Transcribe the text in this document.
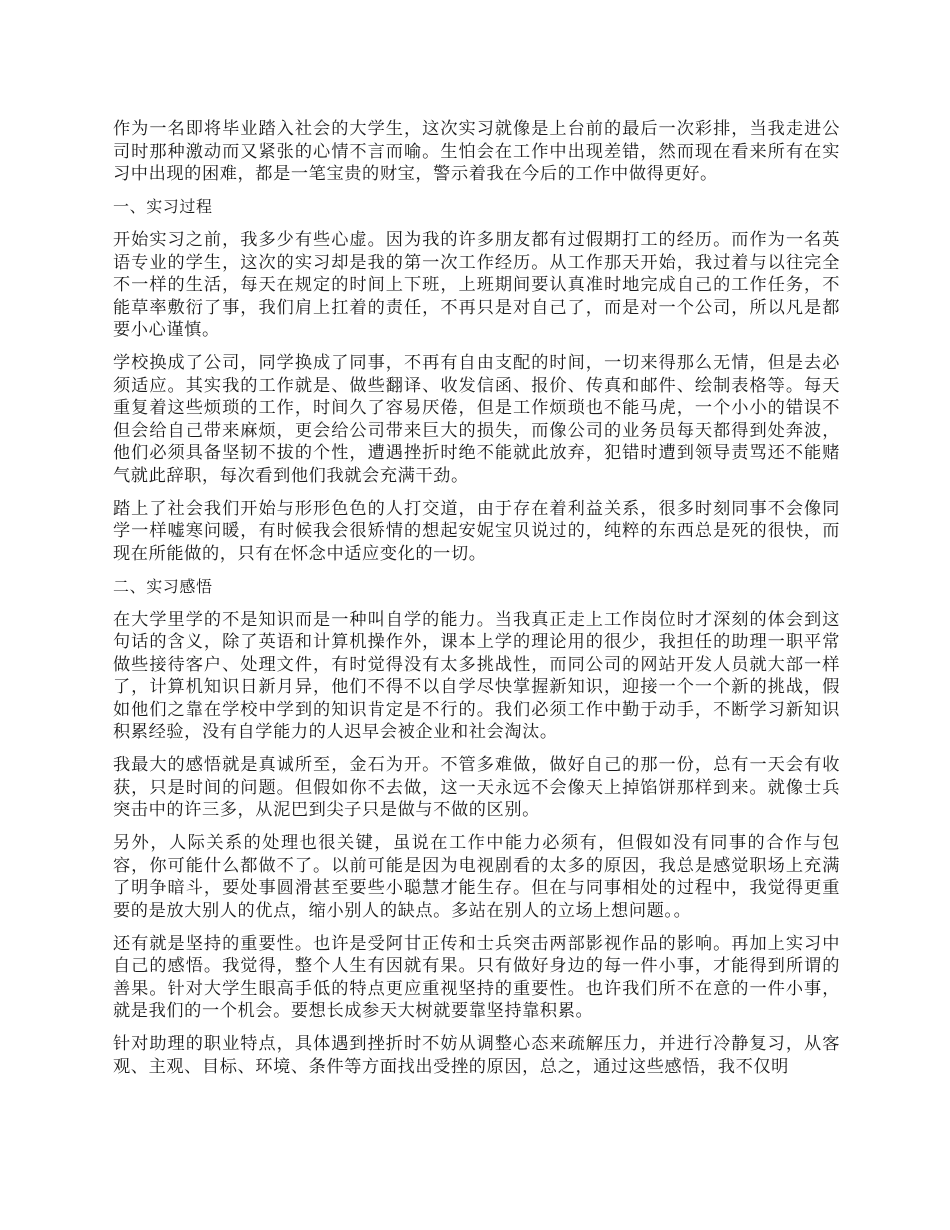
作为一名即将毕业踏入社会的大学生，这次实习就像是上台前的最后一次彩排，当我走进公司时那种激动而又紧张的心情不言而喻。生怕会在工作中出现差错，然而现在看来所有在实习中出现的困难，都是一笔宝贵的财宝，警示着我在今后的工作中做得更好。

一、实习过程

开始实习之前，我多少有些心虚。因为我的许多朋友都有过假期打工的经历。而作为一名英语专业的学生，这次的实习却是我的第一次工作经历。从工作那天开始，我过着与以往完全不一样的生活，每天在规定的时间上下班，上班期间要认真准时地完成自己的工作任务，不能草率敷衍了事，我们肩上扛着的责任，不再只是对自己了，而是对一个公司，所以凡是都要小心谨慎。

学校换成了公司，同学换成了同事，不再有自由支配的时间，一切来得那么无情，但是去必须适应。其实我的工作就是、做些翻译、收发信函、报价、传真和邮件、绘制表格等。每天重复着这些烦琐的工作，时间久了容易厌倦，但是工作烦琐也不能马虎，一个小小的错误不但会给自己带来麻烦，更会给公司带来巨大的损失，而像公司的业务员每天都得到处奔波，他们必须具备坚韧不拔的个性，遭遇挫折时绝不能就此放弃，犯错时遭到领导责骂还不能赌气就此辞职，每次看到他们我就会充满干劲。

踏上了社会我们开始与形形色色的人打交道，由于存在着利益关系，很多时刻同事不会像同学一样嘘寒问暖，有时候我会很矫情的想起安妮宝贝说过的，纯粹的东西总是死的很快，而现在所能做的，只有在怀念中适应变化的一切。

二、实习感悟

在大学里学的不是知识而是一种叫自学的能力。当我真正走上工作岗位时才深刻的体会到这句话的含义，除了英语和计算机操作外，课本上学的理论用的很少，我担任的助理一职平常做些接待客户、处理文件，有时觉得没有太多挑战性，而同公司的网站开发人员就大部一样了，计算机知识日新月异，他们不得不以自学尽快掌握新知识，迎接一个一个新的挑战，假如他们之靠在学校中学到的知识肯定是不行的。我们必须工作中勤于动手，不断学习新知识积累经验，没有自学能力的人迟早会被企业和社会淘汰。

我最大的感悟就是真诚所至，金石为开。不管多难做，做好自己的那一份，总有一天会有收获，只是时间的问题。但假如你不去做，这一天永远不会像天上掉馅饼那样到来。就像士兵突击中的许三多，从泥巴到尖子只是做与不做的区别。

另外，人际关系的处理也很关键，虽说在工作中能力必须有，但假如没有同事的合作与包容，你可能什么都做不了。以前可能是因为电视剧看的太多的原因，我总是感觉职场上充满了明争暗斗，要处事圆滑甚至要些小聪慧才能生存。但在与同事相处的过程中，我觉得更重要的是放大别人的优点，缩小别人的缺点。多站在别人的立场上想问题。。

还有就是坚持的重要性。也许是受阿甘正传和士兵突击两部影视作品的影响。再加上实习中自己的感悟。我觉得，整个人生有因就有果。只有做好身边的每一件小事，才能得到所谓的善果。针对大学生眼高手低的特点更应重视坚持的重要性。也许我们所不在意的一件小事，就是我们的一个机会。要想长成参天大树就要靠坚持靠积累。

针对助理的职业特点，具体遇到挫折时不妨从调整心态来疏解压力，并进行冷静复习，从客观、主观、目标、环境、条件等方面找出受挫的原因，总之，通过这些感悟，我不仅明
